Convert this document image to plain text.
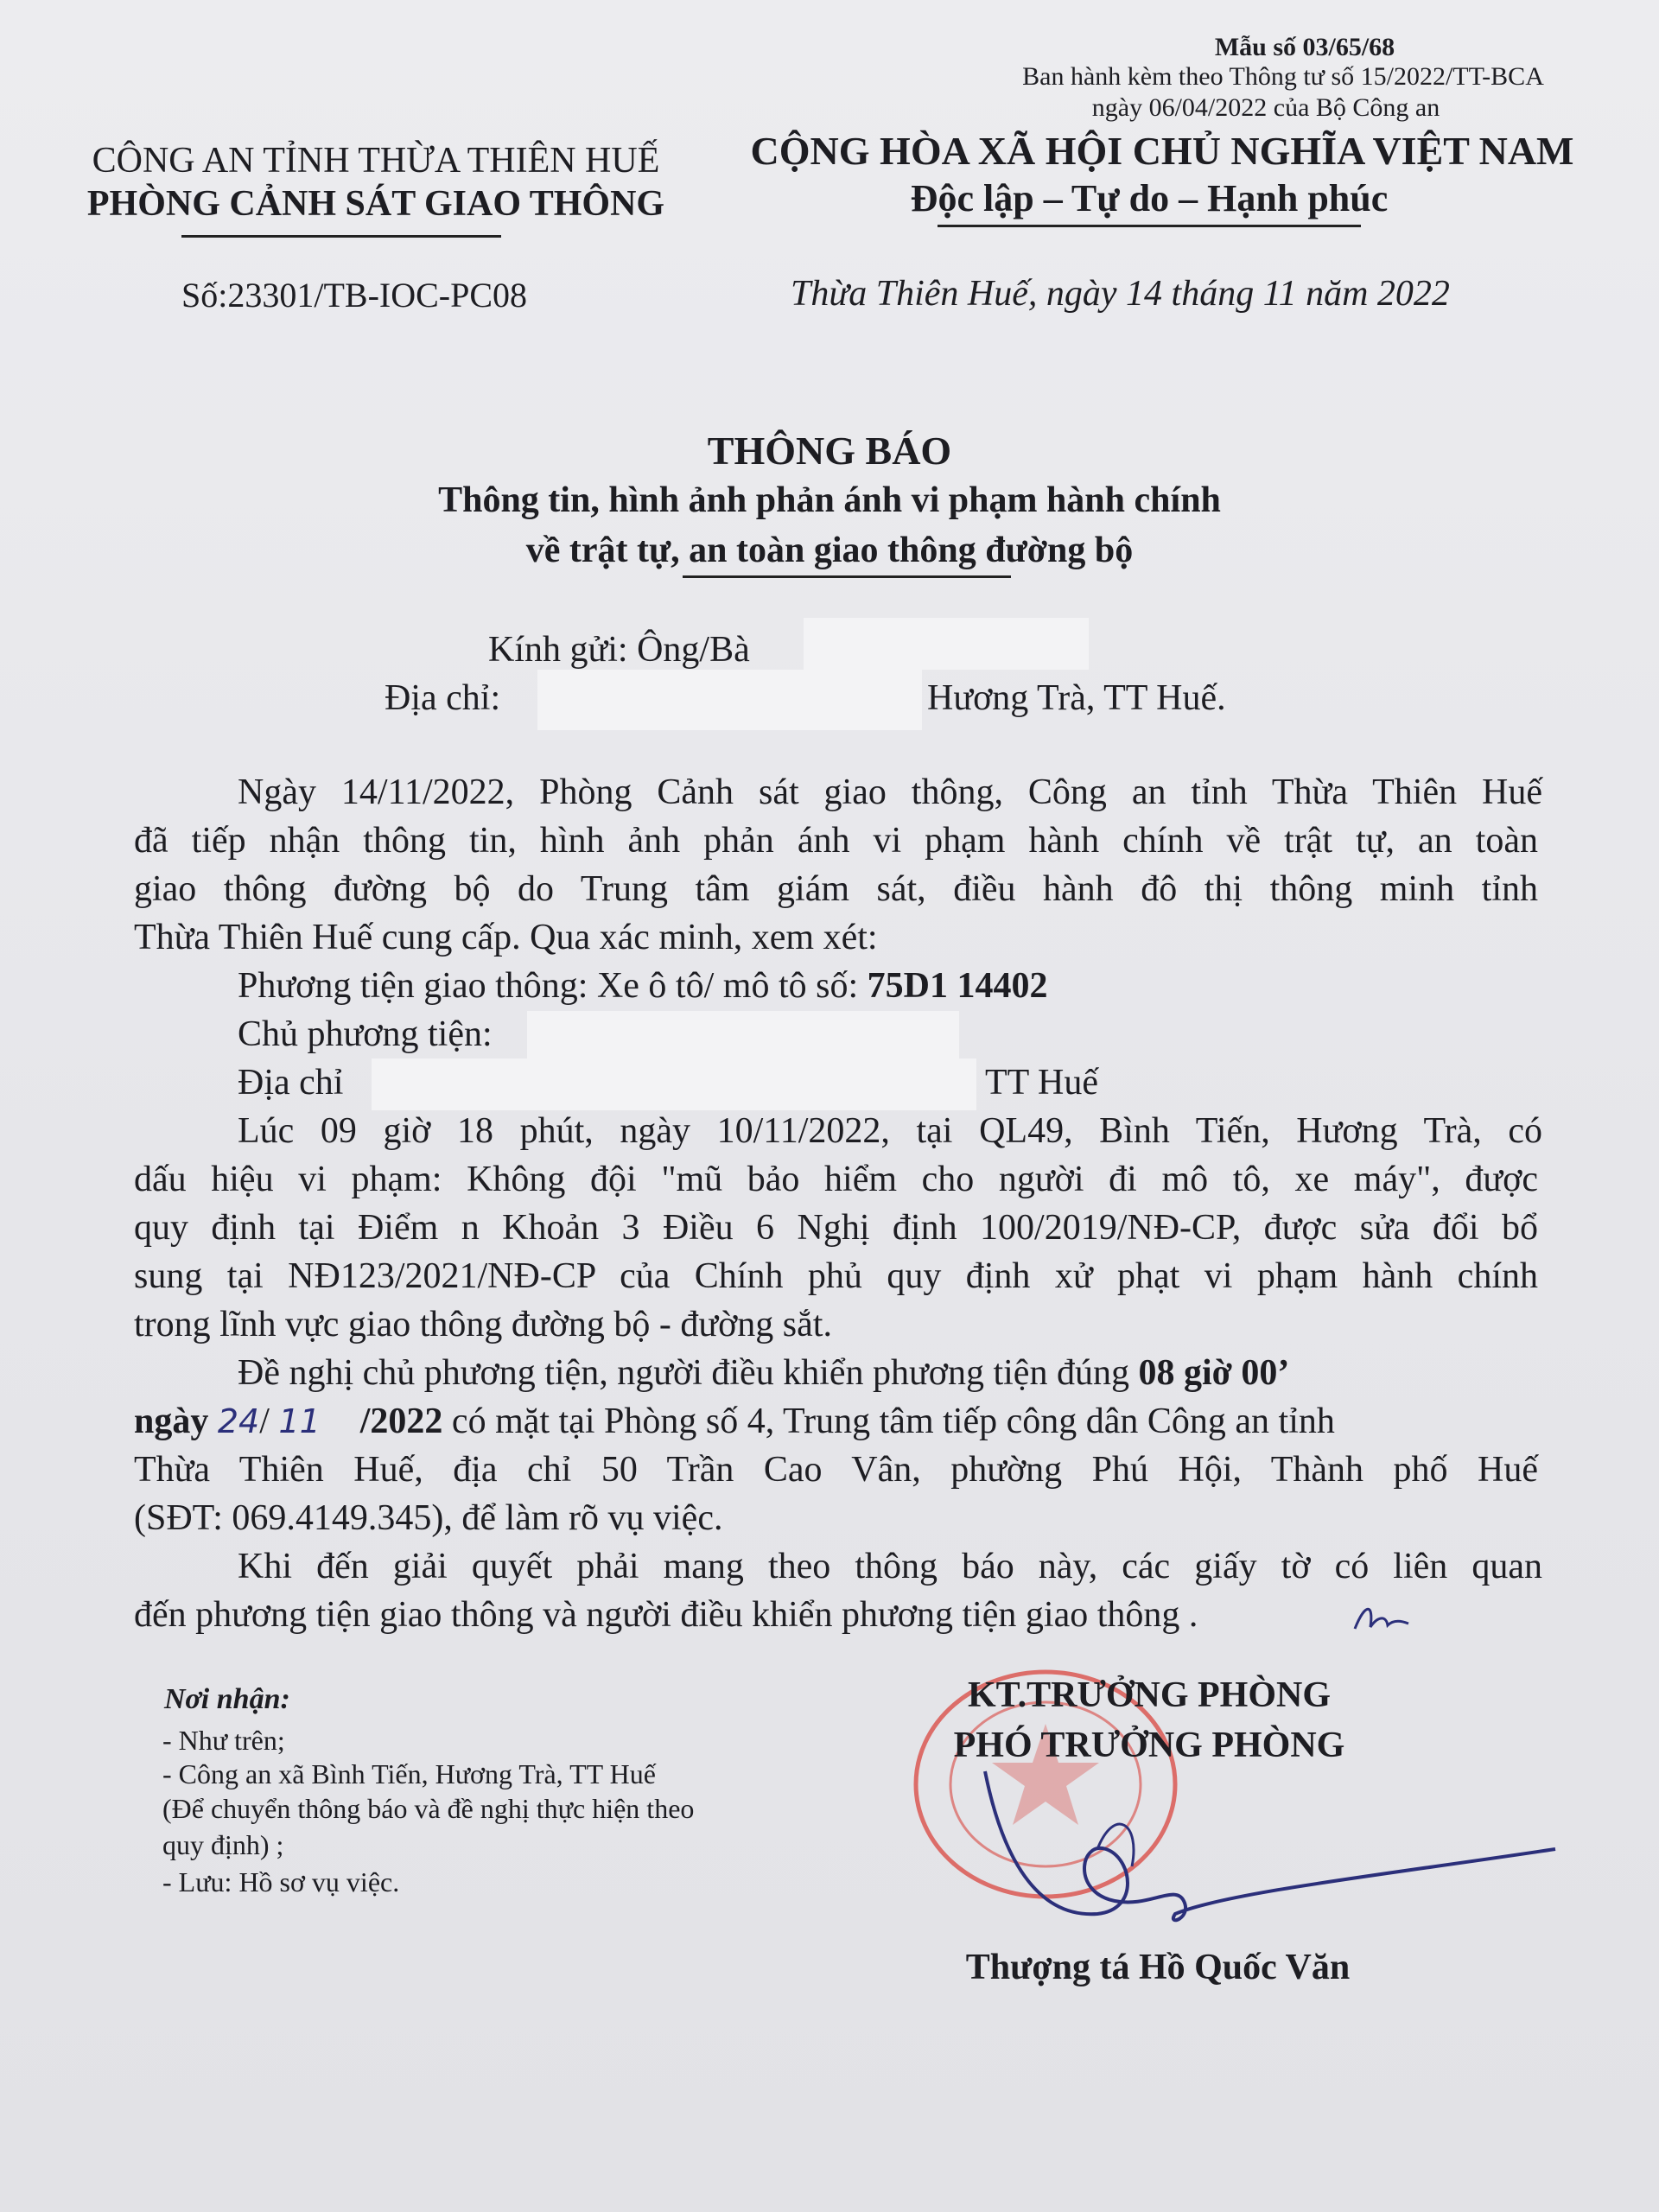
Mẫu số 03/65/68
Ban hành kèm theo Thông tư số 15/2022/TT-BCA
ngày 06/04/2022 của Bộ Công an
CÔNG AN TỈNH THỪA THIÊN HUẾ
PHÒNG CẢNH SÁT GIAO THÔNG
CỘNG HÒA XÃ HỘI CHỦ NGHĨA VIỆT NAM
Độc lập – Tự do – Hạnh phúc
Số:23301/TB-IOC-PC08	Thừa Thiên Huế, ngày 14 tháng 11 năm 2022
THÔNG BÁO
Thông tin, hình ảnh phản ánh vi phạm hành chính
về trật tự, an toàn giao thông đường bộ
Kính gửi: Ông/Bà
Địa chỉ:	Hương Trà, TT Huế.
Ngày 14/11/2022, Phòng Cảnh sát giao thông, Công an tỉnh Thừa Thiên Huế
đã tiếp nhận thông tin, hình ảnh phản ánh vi phạm hành chính về trật tự, an toàn
giao thông đường bộ do Trung tâm giám sát, điều hành đô thị thông minh tỉnh
Thừa Thiên Huế cung cấp. Qua xác minh, xem xét:
Phương tiện giao thông: Xe ô tô/ mô tô số: 75D1 14402
Chủ phương tiện:
Địa chỉ	TT Huế
Lúc 09 giờ 18 phút, ngày 10/11/2022, tại QL49, Bình Tiến, Hương Trà, có
dấu hiệu vi phạm: Không đội "mũ bảo hiểm cho người đi mô tô, xe máy", được
quy định tại Điểm n Khoản 3 Điều 6 Nghị định 100/2019/NĐ-CP, được sửa đổi bổ
sung tại NĐ123/2021/NĐ-CP của Chính phủ quy định xử phạt vi phạm hành chính
trong lĩnh vực giao thông đường bộ - đường sắt.
Đề nghị chủ phương tiện, người điều khiển phương tiện đúng 08 giờ 00’
ngày 24/ 11 /2022 có mặt tại Phòng số 4, Trung tâm tiếp công dân Công an tỉnh
Thừa Thiên Huế, địa chỉ 50 Trần Cao Vân, phường Phú Hội, Thành phố Huế
(SĐT: 069.4149.345), để làm rõ vụ việc.
Khi đến giải quyết phải mang theo thông báo này, các giấy tờ có liên quan
đến phương tiện giao thông và người điều khiển phương tiện giao thông .
Nơi nhận:
- Như trên;
- Công an xã Bình Tiến, Hương Trà, TT Huế
(Để chuyển thông báo và đề nghị thực hiện theo
quy định) ;
- Lưu: Hồ sơ vụ việc.
KT.TRƯỞNG PHÒNG
PHÓ TRƯỞNG PHÒNG
Thượng tá Hồ Quốc Văn
